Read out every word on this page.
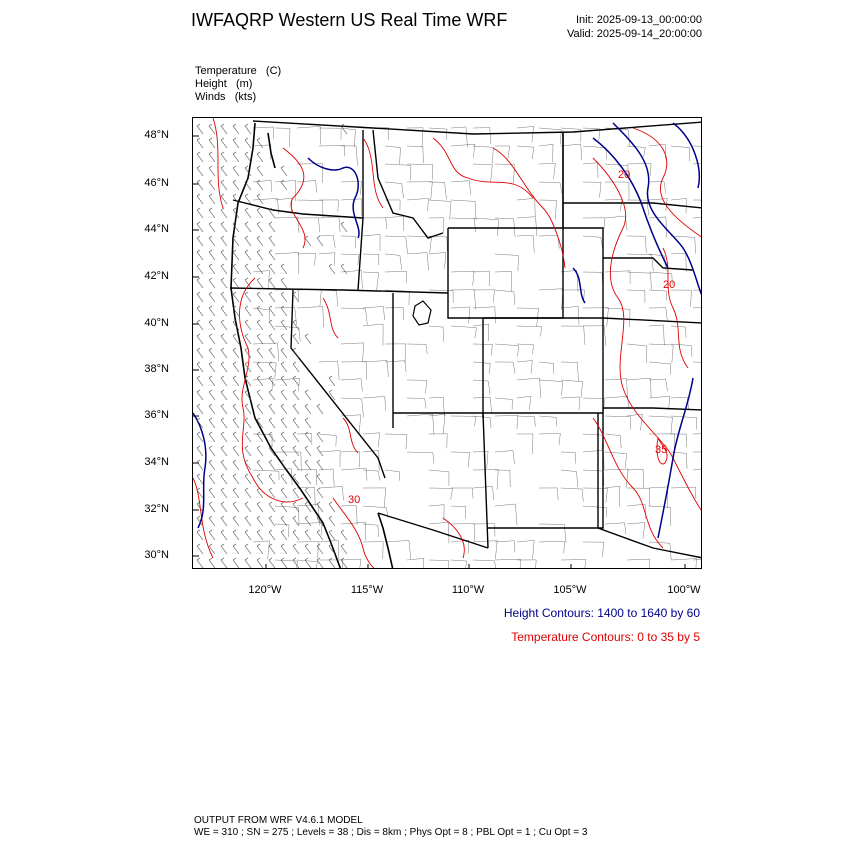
IWFAQRP Western US Real Time WRF	Init: 2025-09-13_00:00:00
Valid: 2025-09-14_20:00:00
Temperature   (C)
Height   (m)
Winds   (kts)
48°N
46°N
44°N
42°N
40°N
38°N
36°N
34°N
32°N
30°N
120°W	115°W	110°W	105°W	100°W
20
20
30
35
Height Contours: 1400 to 1640 by 60
Temperature Contours: 0 to 35 by 5
OUTPUT FROM WRF V4.6.1 MODEL
WE = 310 ; SN = 275 ; Levels = 38 ; Dis = 8km ; Phys Opt = 8 ; PBL Opt = 1 ; Cu Opt = 3
